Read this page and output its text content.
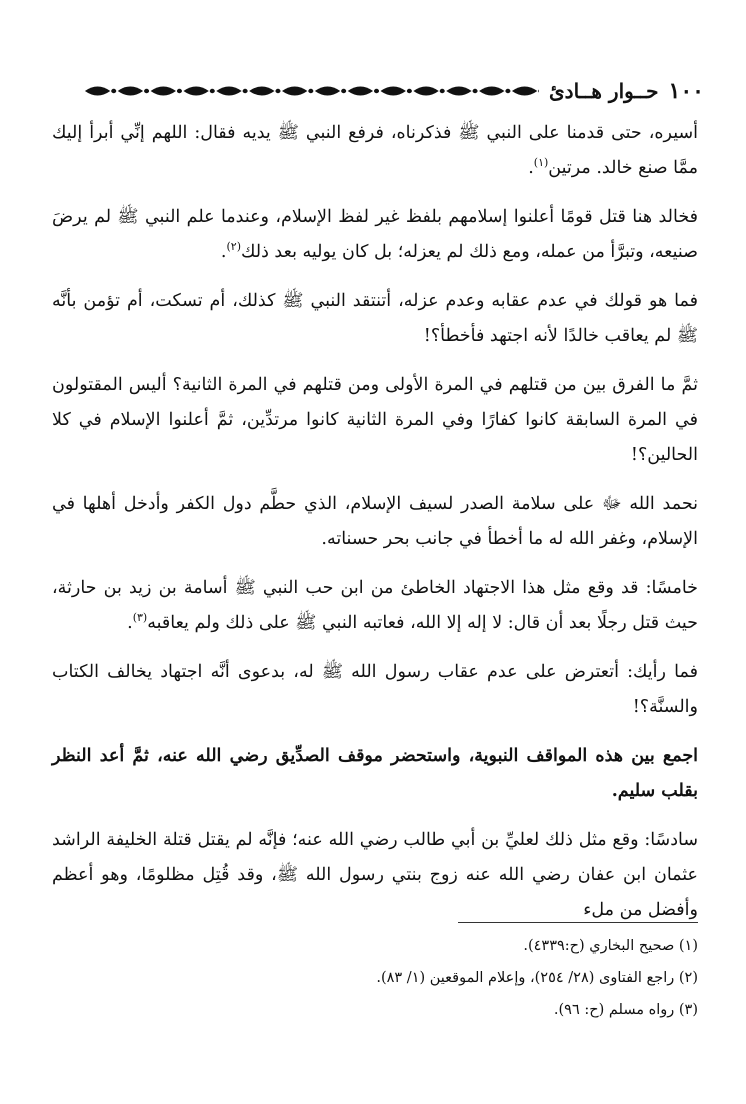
١٠٠
حــوار هــادئ

أسيره، حتى قدمنا على النبي ﷺ فذكرناه، فرفع النبي ﷺ يديه فقال: اللهم إنِّي أبرأ إليك ممَّا صنع خالد. مرتين$^{(١)}$.

فخالد هنا قتل قومًا أعلنوا إسلامهم بلفظ غير لفظ الإسلام، وعندما علم النبي ﷺ لم يرضَ صنيعه، وتبرَّأ من عمله، ومع ذلك لم يعزله؛ بل كان يوليه بعد ذلك$^{(٢)}$.

فما هو قولك في عدم عقابه وعدم عزله، أتنتقد النبي ﷺ كذلك، أم تسكت، أم تؤمن بأنَّه ﷺ لم يعاقب خالدًا لأنه اجتهد فأخطأ؟!

ثمَّ ما الفرق بين من قتلهم في المرة الأولى ومن قتلهم في المرة الثانية؟ أليس المقتولون في المرة السابقة كانوا كفارًا وفي المرة الثانية كانوا مرتدِّين، ثمَّ أعلنوا الإسلام في كلا الحالين؟!

نحمد الله ﷻ على سلامة الصدر لسيف الإسلام، الذي حطَّم دول الكفر وأدخل أهلها في الإسلام، وغفر الله له ما أخطأ في جانب بحر حسناته.

خامسًا: قد وقع مثل هذا الاجتهاد الخاطئ من ابن حب النبي ﷺ أسامة بن زيد بن حارثة، حيث قتل رجلًا بعد أن قال: لا إله إلا الله، فعاتبه النبي ﷺ على ذلك ولم يعاقبه$^{(٣)}$.

فما رأيك: أتعترض على عدم عقاب رسول الله ﷺ له، بدعوى أنَّه اجتهاد يخالف الكتاب والسنَّة؟!

اجمع بين هذه المواقف النبوية، واستحضر موقف الصدِّيق رضي الله عنه، ثمَّ أعد النظر بقلب سليم.

سادسًا: وقع مثل ذلك لعليِّ بن أبي طالب رضي الله عنه؛ فإنَّه لم يقتل قتلة الخليفة الراشد عثمان ابن عفان رضي الله عنه زوج بنتي رسول الله ﷺ، وقد قُتِل مظلومًا، وهو أعظم وأفضل من ملء

(١) صحيح البخاري (ح:٤٣٣٩).
(٢) راجع الفتاوى (٢٨/ ٢٥٤)، وإعلام الموقعين (١/ ٨٣).
(٣) رواه مسلم (ح: ٩٦).
